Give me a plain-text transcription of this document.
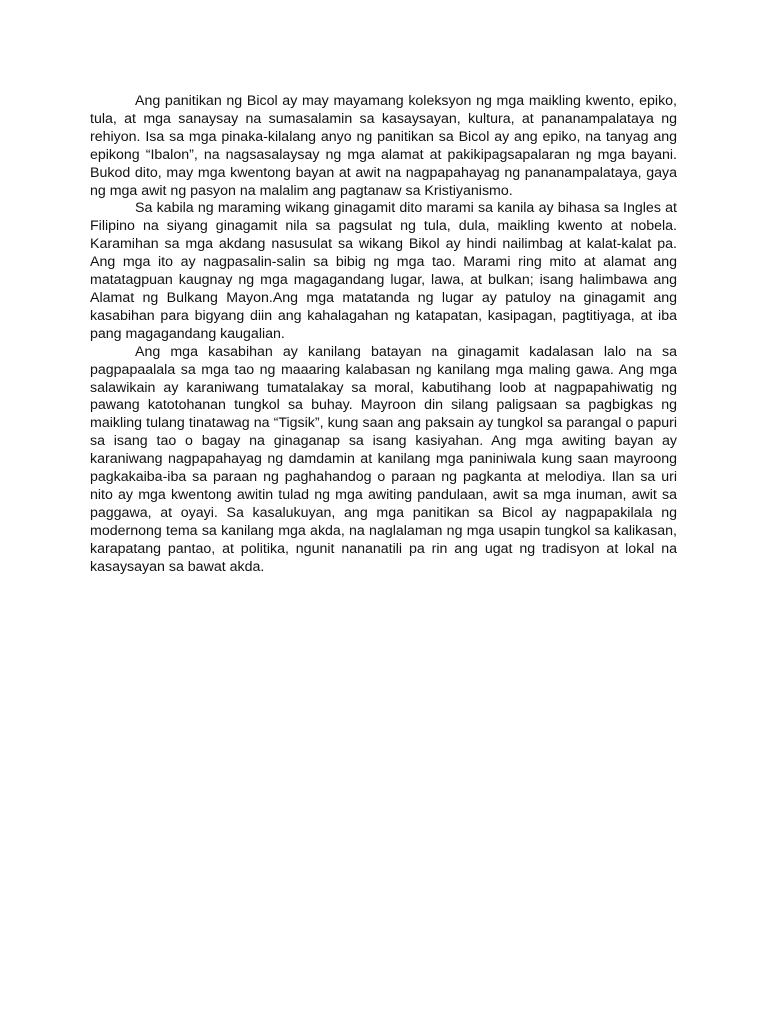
Ang panitikan ng Bicol ay may mayamang koleksyon ng mga maikling kwento, epiko, tula, at mga sanaysay na sumasalamin sa kasaysayan, kultura, at pananampalataya ng rehiyon. Isa sa mga pinaka-kilalang anyo ng panitikan sa Bicol ay ang epiko, na tanyag ang epikong “Ibalon”, na nagsasalaysay ng mga alamat at pakikipagsapalaran ng mga bayani. Bukod dito, may mga kwentong bayan at awit na nagpapahayag ng pananampalataya, gaya ng mga awit ng pasyon na malalim ang pagtanaw sa Kristiyanismo.

Sa kabila ng maraming wikang ginagamit dito marami sa kanila ay bihasa sa Ingles at Filipino na siyang ginagamit nila sa pagsulat ng tula, dula, maikling kwento at nobela. Karamihan sa mga akdang nasusulat sa wikang Bikol ay hindi nailimbag at kalat-kalat pa. Ang mga ito ay nagpasalin-salin sa bibig ng mga tao. Marami ring mito at alamat ang matatagpuan kaugnay ng mga magagandang lugar, lawa, at bulkan; isang halimbawa ang Alamat ng Bulkang Mayon.Ang mga matatanda ng lugar ay patuloy na ginagamit ang kasabihan para bigyang diin ang kahalagahan ng katapatan, kasipagan, pagtitiyaga, at iba pang magagandang kaugalian.

Ang mga kasabihan ay kanilang batayan na ginagamit kadalasan lalo na sa pagpapaalala sa mga tao ng maaaring kalabasan ng kanilang mga maling gawa. Ang mga salawikain ay karaniwang tumatalakay sa moral, kabutihang loob at nagpapahiwatig ng pawang katotohanan tungkol sa buhay. Mayroon din silang paligsaan sa pagbigkas ng maikling tulang tinatawag na “Tigsik”, kung saan ang paksain ay tungkol sa parangal o papuri sa isang tao o bagay na ginaganap sa isang kasiyahan. Ang mga awiting bayan ay karaniwang nagpapahayag ng damdamin at kanilang mga paniniwala kung saan mayroong pagkakaiba-iba sa paraan ng paghahandog o paraan ng pagkanta at melodiya. Ilan sa uri nito ay mga kwentong awitin tulad ng mga awiting pandulaan, awit sa mga inuman, awit sa paggawa, at oyayi. Sa kasalukuyan, ang mga panitikan sa Bicol ay nagpapakilala ng modernong tema sa kanilang mga akda, na naglalaman ng mga usapin tungkol sa kalikasan, karapatang pantao, at politika, ngunit nananatili pa rin ang ugat ng tradisyon at lokal na kasaysayan sa bawat akda.
